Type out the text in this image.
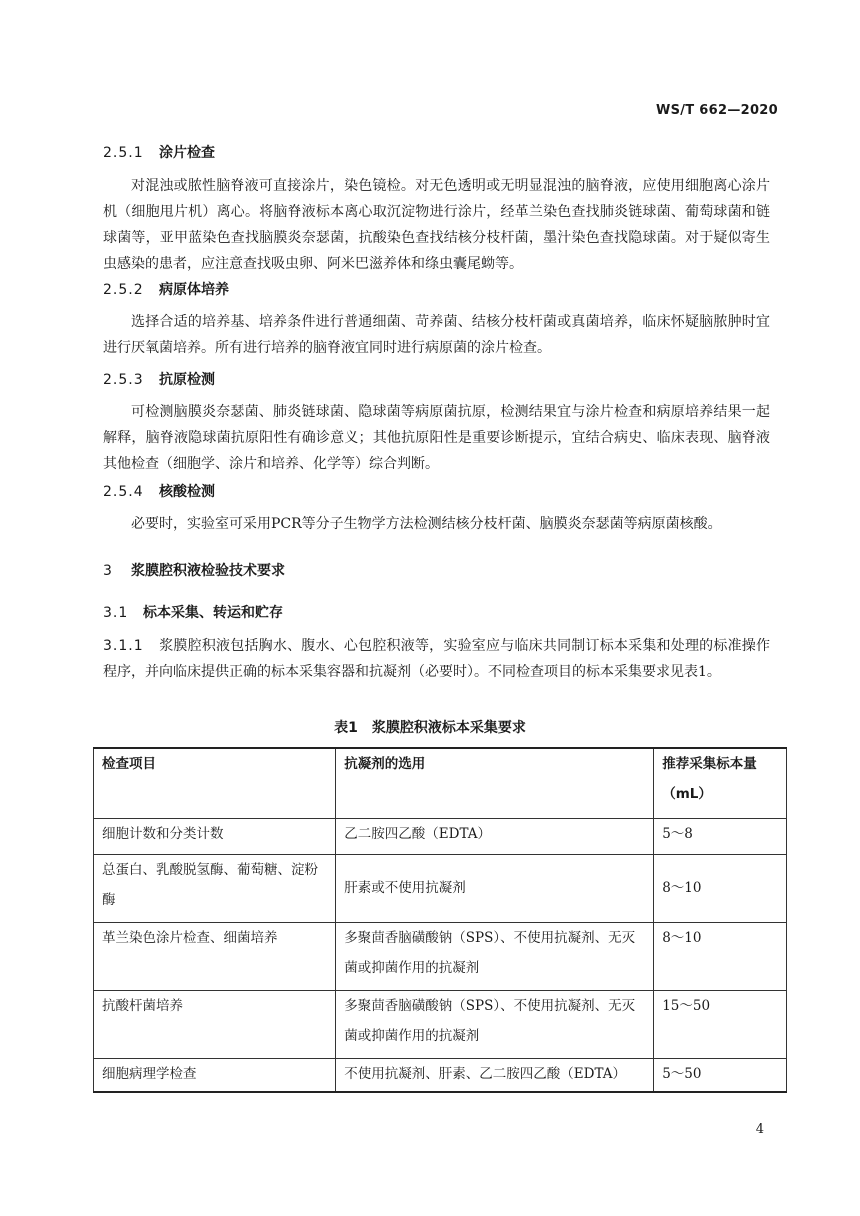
WS/T 662—2020
2.5.1 涂片检查

对混浊或脓性脑脊液可直接涂片，染色镜检。对无色透明或无明显混浊的脑脊液，应使用细胞离心涂片机（细胞甩片机）离心。将脑脊液标本离心取沉淀物进行涂片，经革兰染色查找肺炎链球菌、葡萄球菌和链球菌等，亚甲蓝染色查找脑膜炎奈瑟菌，抗酸染色查找结核分枝杆菌，墨汁染色查找隐球菌。对于疑似寄生虫感染的患者，应注意查找吸虫卵、阿米巴滋养体和绦虫囊尾蚴等。

2.5.2 病原体培养

选择合适的培养基、培养条件进行普通细菌、苛养菌、结核分枝杆菌或真菌培养，临床怀疑脑脓肿时宜进行厌氧菌培养。所有进行培养的脑脊液宜同时进行病原菌的涂片检查。

2.5.3 抗原检测

可检测脑膜炎奈瑟菌、肺炎链球菌、隐球菌等病原菌抗原，检测结果宜与涂片检查和病原培养结果一起解释，脑脊液隐球菌抗原阳性有确诊意义；其他抗原阳性是重要诊断提示，宜结合病史、临床表现、脑脊液其他检查（细胞学、涂片和培养、化学等）综合判断。

2.5.4 核酸检测

必要时，实验室可采用PCR等分子生物学方法检测结核分枝杆菌、脑膜炎奈瑟菌等病原菌核酸。

3 浆膜腔积液检验技术要求
3.1 标本采集、转运和贮存

3.1.1 浆膜腔积液包括胸水、腹水、心包腔积液等，实验室应与临床共同制订标本采集和处理的标准操作程序，并向临床提供正确的标本采集容器和抗凝剂（必要时）。不同检查项目的标本采集要求见表1。

表1　浆膜腔积液标本采集要求
检查项目	抗凝剂的选用	推荐采集标本量（mL）
细胞计数和分类计数	乙二胺四乙酸（EDTA）	5～8
总蛋白、乳酸脱氢酶、葡萄糖、淀粉酶	肝素或不使用抗凝剂	8～10
革兰染色涂片检查、细菌培养	多聚茴香脑磺酸钠（SPS）、不使用抗凝剂、无灭菌或抑菌作用的抗凝剂	8～10
抗酸杆菌培养	多聚茴香脑磺酸钠（SPS）、不使用抗凝剂、无灭菌或抑菌作用的抗凝剂	15～50
细胞病理学检查	不使用抗凝剂、肝素、乙二胺四乙酸（EDTA）	5～50
4
